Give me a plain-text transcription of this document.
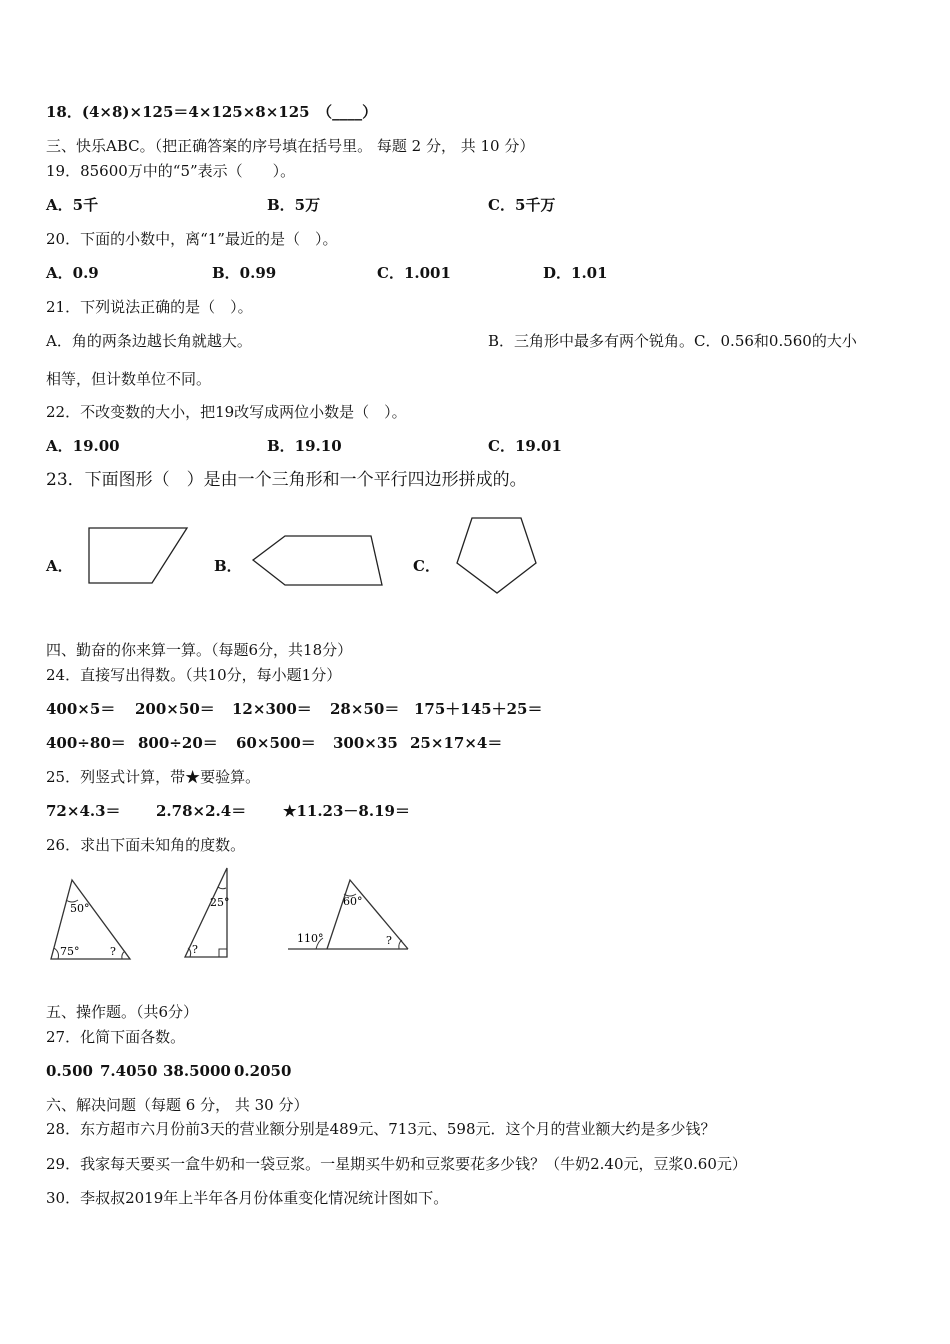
18．(4×8)×125＝4×125×8×125　（____）
三、快乐ABC。（把正确答案的序号填在括号里。 每题 2 分， 共 10 分）
19．85600万中的“5”表示（　　）。
A．5千	B．5万	C．5千万
20．下面的小数中，离“1”最近的是（　）。
A．0.9	B．0.99	C．1.001	D．1.01
21．下列说法正确的是（　）。
A．角的两条边越长角就越大。	B．三角形中最多有两个锐角。C．0.56和0.560的大小
相等，但计数单位不同。
22．不改变数的大小，把19改写成两位小数是（　）。
A．19.00	B．19.10	C．19.01
23．下面图形（　）是由一个三角形和一个平行四边形拼成的。
A．	B．	C．
四、勤奋的你来算一算。（每题6分，共18分）
24．直接写出得数。（共10分，每小题1分）
400×5＝ 200×50＝ 12×300＝ 28×50＝ 175＋145＋25＝
400÷80＝ 800÷20＝ 60×500＝ 300×35 25×17×4＝
25．列竖式计算，带★要验算。
72×4.3＝ 2.78×2.4＝ ★11.23－8.19＝
26．求出下面未知角的度数。
50°
75°	?
25°
?
60°
110°	?
五、操作题。（共6分）
27．化简下面各数。
0.500 7.4050 38.5000 0.2050
六、解决问题（每题 6 分， 共 30 分）
28．东方超市六月份前3天的营业额分别是489元、713元、598元．这个月的营业额大约是多少钱？
29．我家每天要买一盒牛奶和一袋豆浆。一星期买牛奶和豆浆要花多少钱？（牛奶2.40元，豆浆0.60元）
30．李叔叔2019年上半年各月份体重变化情况统计图如下。
